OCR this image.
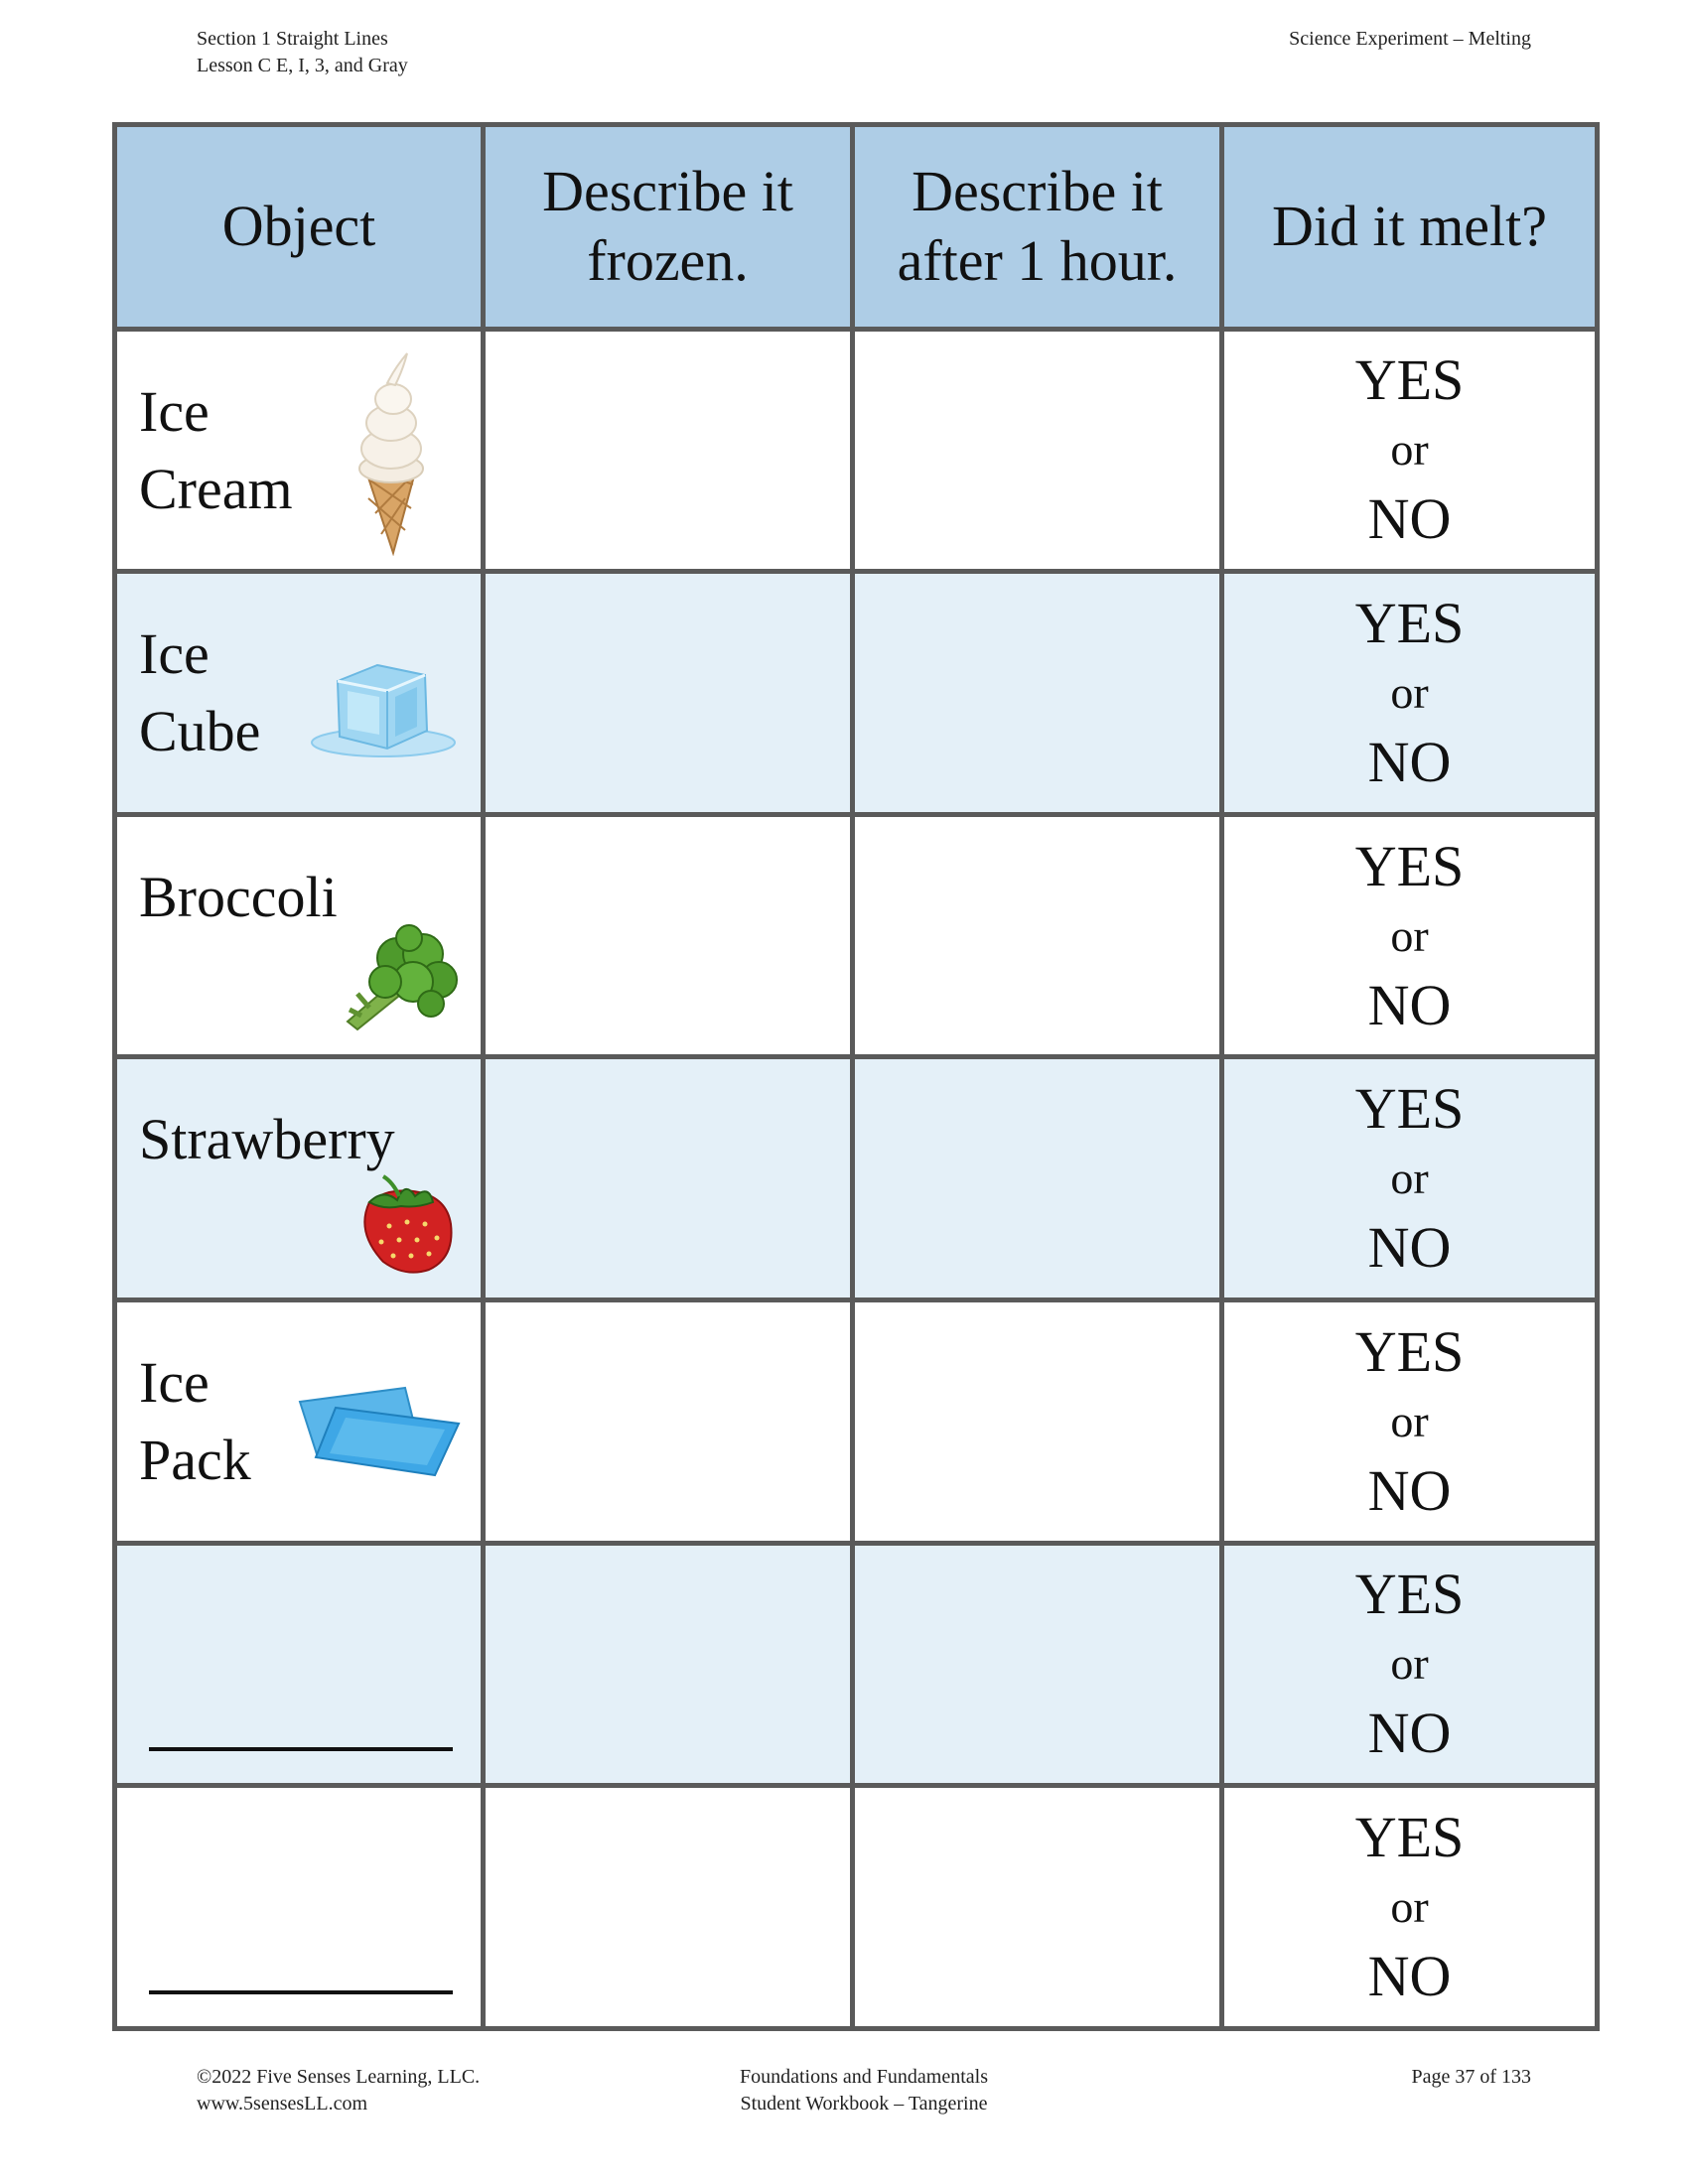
Section 1 Straight Lines
Lesson C E, I, 3, and Gray
Science Experiment – Melting
Object	Describe it frozen.	Describe it after 1 hour.	Did it melt?

Ice Cream			YES
or
NO

Ice Cube			YES
or
NO

Broccoli			YES
or
NO

Strawberry			YES
or
NO

Ice Pack			YES
or
NO

			YES
or
NO

			YES
or
NO
©2022 Five Senses Learning, LLC.
www.5sensesLL.com
Foundations and Fundamentals
Student Workbook – Tangerine
Page 37 of 133
